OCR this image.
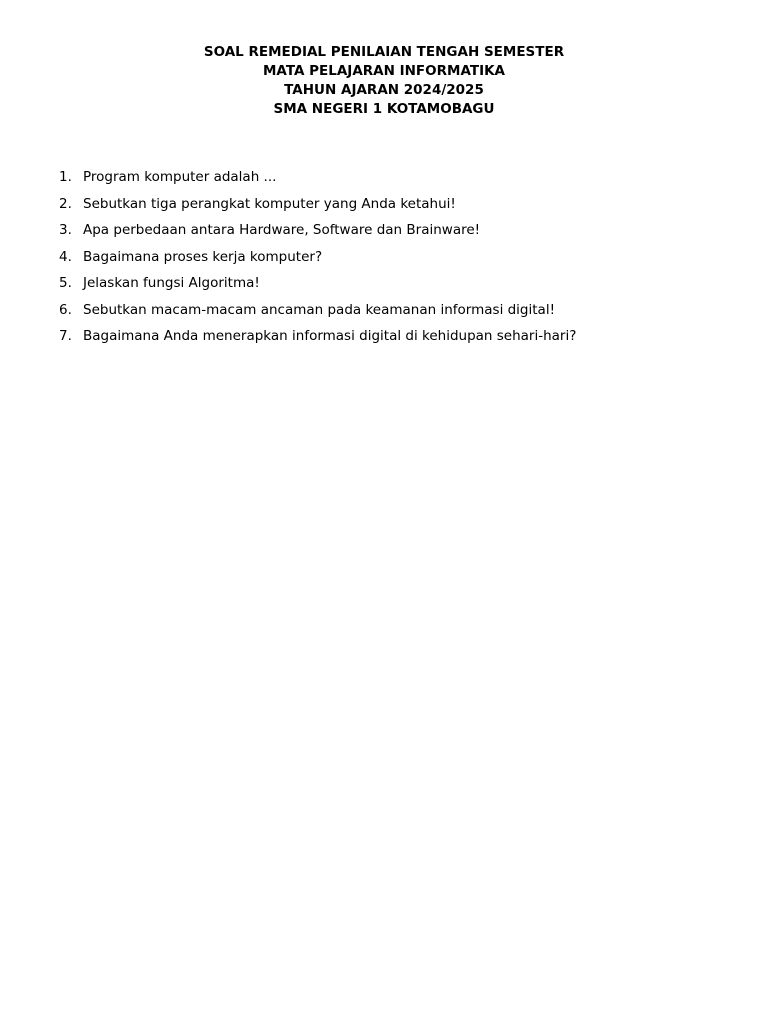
SOAL REMEDIAL PENILAIAN TENGAH SEMESTER
MATA PELAJARAN INFORMATIKA
TAHUN AJARAN 2024/2025
SMA NEGERI 1 KOTAMOBAGU
1. Program komputer adalah ...
2. Sebutkan tiga perangkat komputer yang Anda ketahui!
3. Apa perbedaan antara Hardware, Software dan Brainware!
4. Bagaimana proses kerja komputer?
5. Jelaskan fungsi Algoritma!
6. Sebutkan macam-macam ancaman pada keamanan informasi digital!
7. Bagaimana Anda menerapkan informasi digital di kehidupan sehari-hari?
